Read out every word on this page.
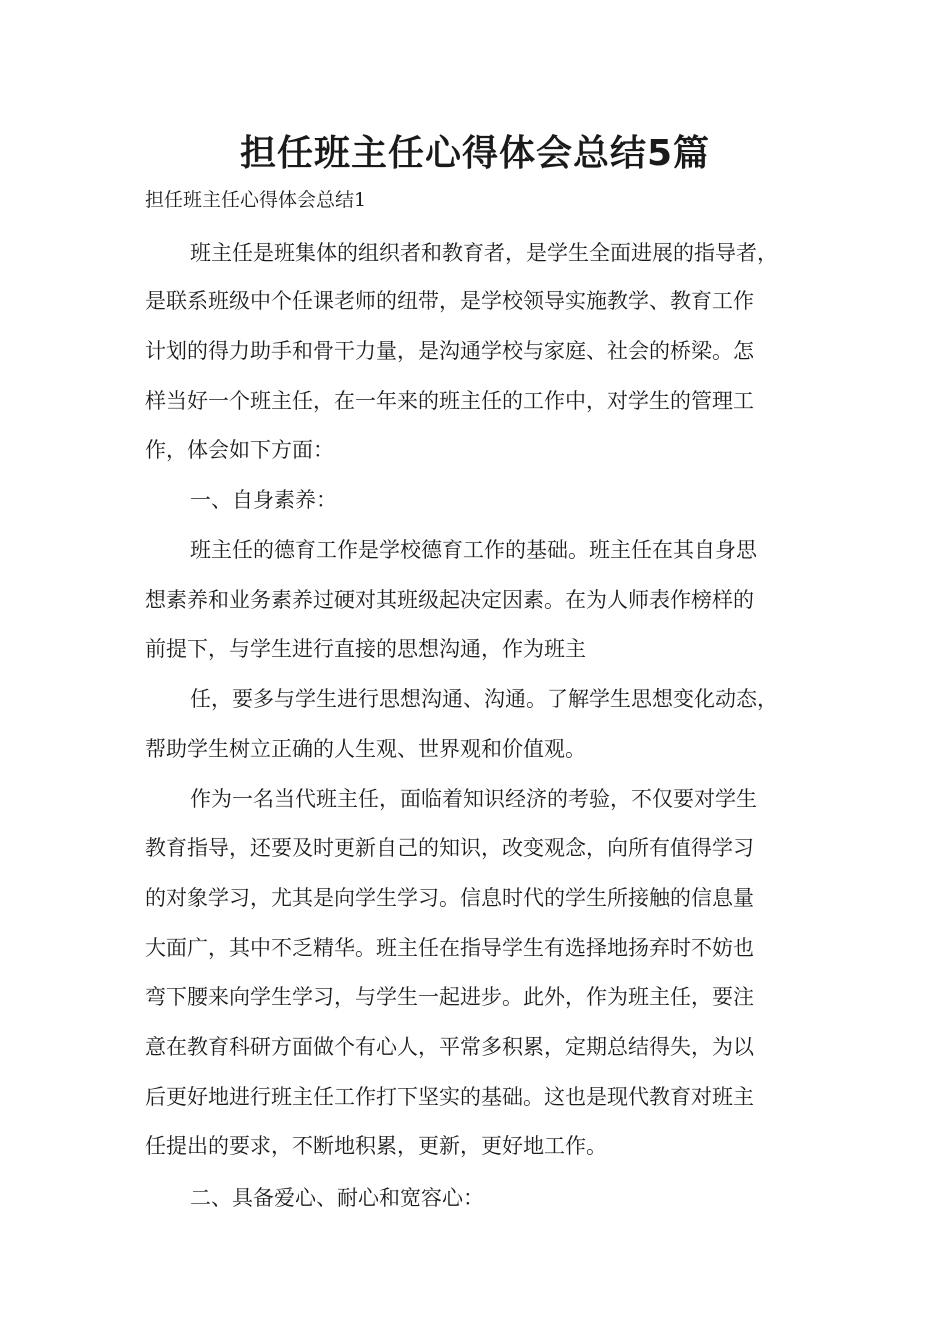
担任班主任心得体会总结5篇
担任班主任心得体会总结1
班主任是班集体的组织者和教育者，是学生全面进展的指导者，
是联系班级中个任课老师的纽带，是学校领导实施教学、教育工作
计划的得力助手和骨干力量，是沟通学校与家庭、社会的桥梁。怎
样当好一个班主任，在一年来的班主任的工作中，对学生的管理工
作，体会如下方面：
一、自身素养：
班主任的德育工作是学校德育工作的基础。班主任在其自身思
想素养和业务素养过硬对其班级起决定因素。在为人师表作榜样的
前提下，与学生进行直接的思想沟通，作为班主
任，要多与学生进行思想沟通、沟通。了解学生思想变化动态，
帮助学生树立正确的人生观、世界观和价值观。
作为一名当代班主任，面临着知识经济的考验，不仅要对学生
教育指导，还要及时更新自己的知识，改变观念，向所有值得学习
的对象学习，尤其是向学生学习。信息时代的学生所接触的信息量
大面广，其中不乏精华。班主任在指导学生有选择地扬弃时不妨也
弯下腰来向学生学习，与学生一起进步。此外，作为班主任，要注
意在教育科研方面做个有心人，平常多积累，定期总结得失，为以
后更好地进行班主任工作打下坚实的基础。这也是现代教育对班主
任提出的要求，不断地积累，更新，更好地工作。
二、具备爱心、耐心和宽容心：
